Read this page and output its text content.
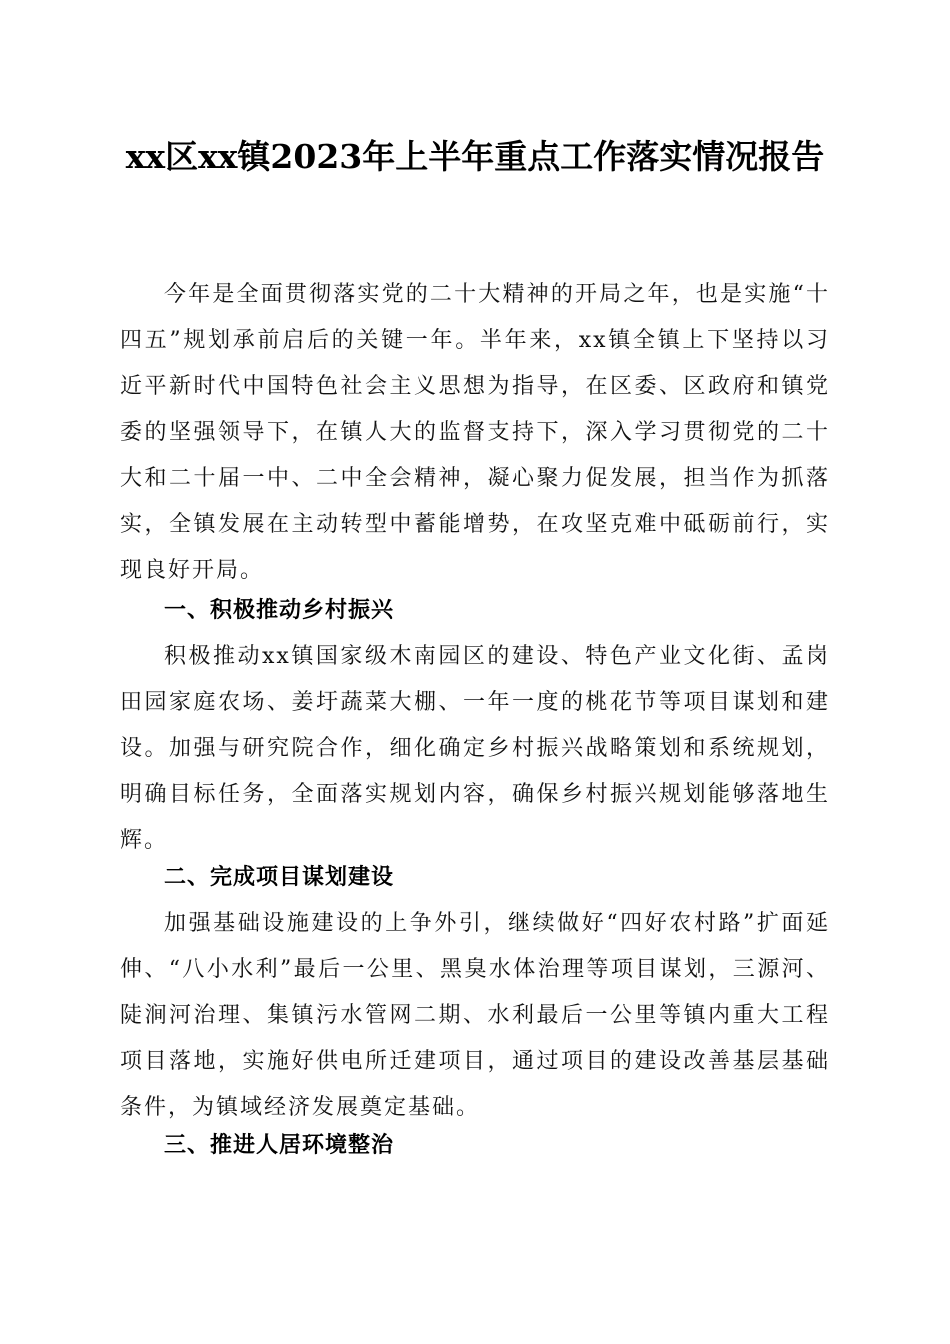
xx区xx镇2023年上半年重点工作落实情况报告

今年是全面贯彻落实党的二十大精神的开局之年，也是实施“十四五”规划承前启后的关键一年。半年来，xx镇全镇上下坚持以习近平新时代中国特色社会主义思想为指导，在区委、区政府和镇党委的坚强领导下，在镇人大的监督支持下，深入学习贯彻党的二十大和二十届一中、二中全会精神，凝心聚力促发展，担当作为抓落实，全镇发展在主动转型中蓄能增势，在攻坚克难中砥砺前行，实现良好开局。

一、积极推动乡村振兴

积极推动xx镇国家级木南园区的建设、特色产业文化街、孟岗田园家庭农场、姜圩蔬菜大棚、一年一度的桃花节等项目谋划和建设。加强与研究院合作，细化确定乡村振兴战略策划和系统规划，明确目标任务，全面落实规划内容，确保乡村振兴规划能够落地生辉。

二、完成项目谋划建设

加强基础设施建设的上争外引，继续做好“四好农村路”扩面延伸、“八小水利”最后一公里、黑臭水体治理等项目谋划，三源河、陡涧河治理、集镇污水管网二期、水利最后一公里等镇内重大工程项目落地，实施好供电所迁建项目，通过项目的建设改善基层基础条件，为镇域经济发展奠定基础。

三、推进人居环境整治
